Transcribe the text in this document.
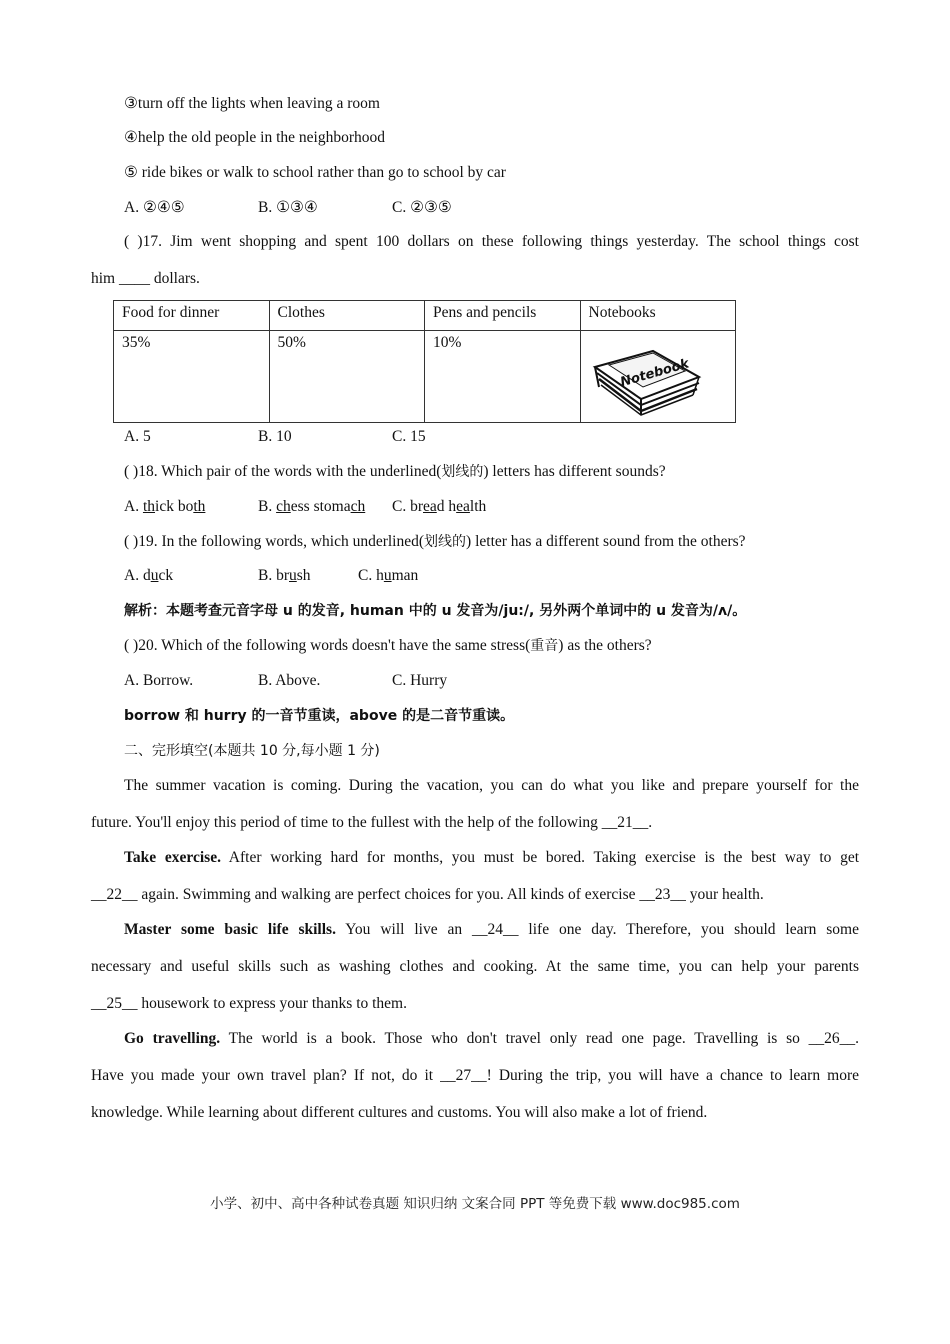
③turn off the lights when leaving a room
④help the old people in the neighborhood
⑤ ride bikes or walk to school rather than go to school by car
A. ②④⑤	B. ①③④	C. ②③⑤
( )17. Jim went shopping and spent 100 dollars on these following things yesterday. The school things cost
him ____ dollars.
Food for dinner	Clothes	Pens and pencils	Notebooks
35%	50%	10%	Notebook
A. 5	B. 10	C. 15
( )18. Which pair of the words with the underlined(划线的) letters has different sounds?
A. thick both	B. chess stomach C. bread health
( )19. In the following words, which underlined(划线的) letter has a different sound from the others?
A. duck	B. brush	C. human
解析：本题考查元音字母 u 的发音, human 中的 u 发音为/ju:/, 另外两个单词中的 u 发音为/ʌ/。
( )20. Which of the following words doesn't have the same stress(重音) as the others?
A. Borrow.	B. Above.	C. Hurry
borrow 和 hurry 的一音节重读，above 的是二音节重读。
二、完形填空(本题共 10 分,每小题 1 分)
The summer vacation is coming. During the vacation, you can do what you like and prepare yourself for the
future. You'll enjoy this period of time to the fullest with the help of the following __21__.
Take exercise. After working hard for months, you must be bored. Taking exercise is the best way to get
__22__ again. Swimming and walking are perfect choices for you. All kinds of exercise __23__ your health.
Master some basic life skills. You will live an __24__ life one day. Therefore, you should learn some
necessary and useful skills such as washing clothes and cooking. At the same time, you can help your parents
__25__ housework to express your thanks to them.
Go travelling. The world is a book. Those who don't travel only read one page. Travelling is so __26__.
Have you made your own travel plan? If not, do it __27__! During the trip, you will have a chance to learn more
knowledge. While learning about different cultures and customs. You will also make a lot of friend.
小学、初中、高中各种试卷真题 知识归纳 文案合同 PPT 等免费下载 www.doc985.com
